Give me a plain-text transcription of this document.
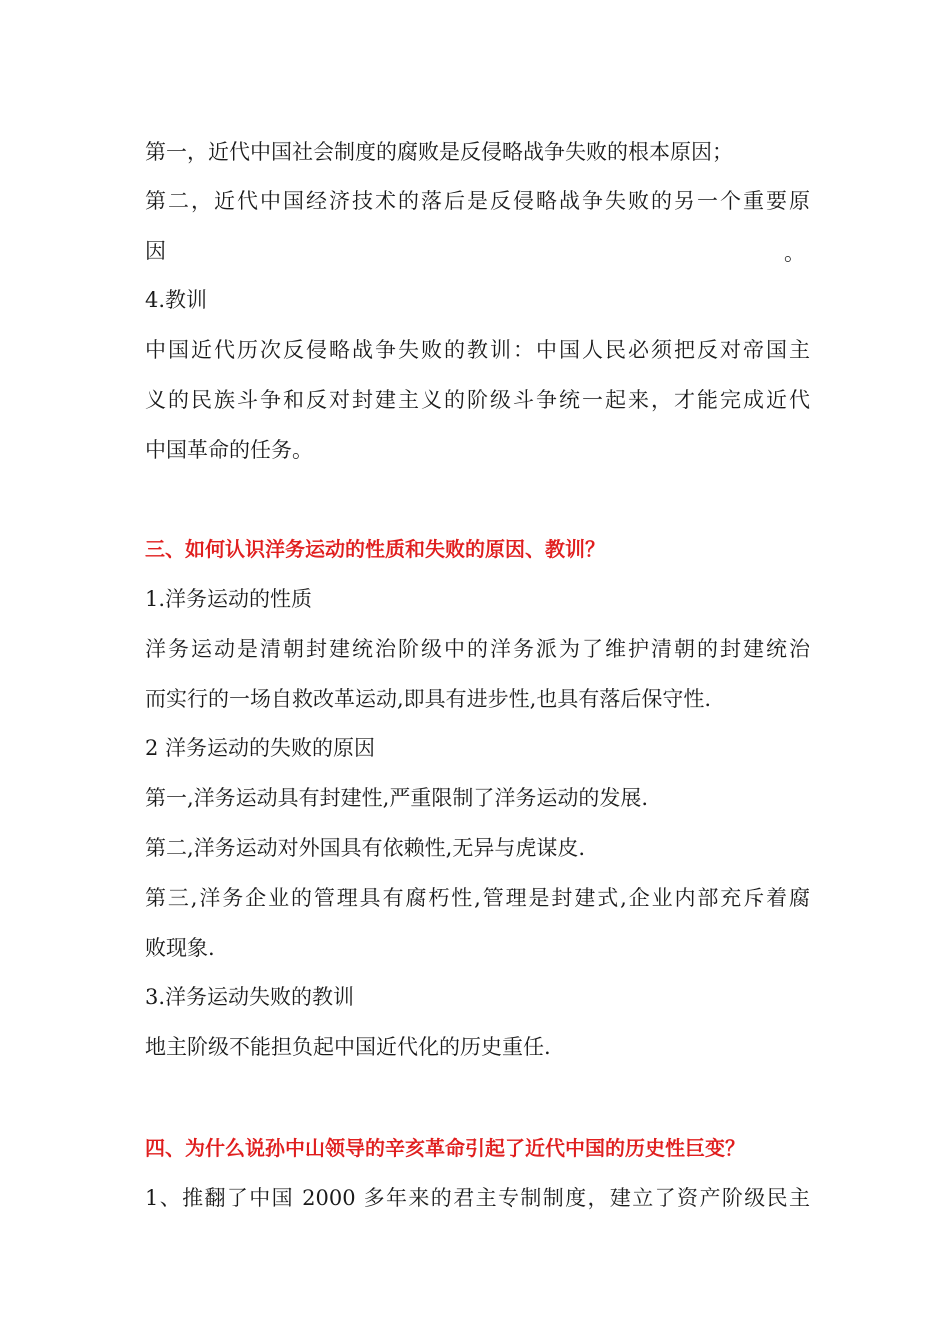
第一，近代中国社会制度的腐败是反侵略战争失败的根本原因；
第二，近代中国经济技术的落后是反侵略战争失败的另一个重要原
因	。
4.教训
中国近代历次反侵略战争失败的教训：中国人民必须把反对帝国主
义的民族斗争和反对封建主义的阶级斗争统一起来，才能完成近代
中国革命的任务。
三、如何认识洋务运动的性质和失败的原因、教训？
1.洋务运动的性质
洋务运动是清朝封建统治阶级中的洋务派为了维护清朝的封建统治
而实行的一场自救改革运动,即具有进步性,也具有落后保守性.
2 洋务运动的失败的原因
第一,洋务运动具有封建性,严重限制了洋务运动的发展.
第二,洋务运动对外国具有依赖性,无异与虎谋皮.
第三,洋务企业的管理具有腐朽性,管理是封建式,企业内部充斥着腐
败现象.
3.洋务运动失败的教训
地主阶级不能担负起中国近代化的历史重任.
四、为什么说孙中山领导的辛亥革命引起了近代中国的历史性巨变？
1、推翻了中国 2000 多年来的君主专制制度，建立了资产阶级民主
